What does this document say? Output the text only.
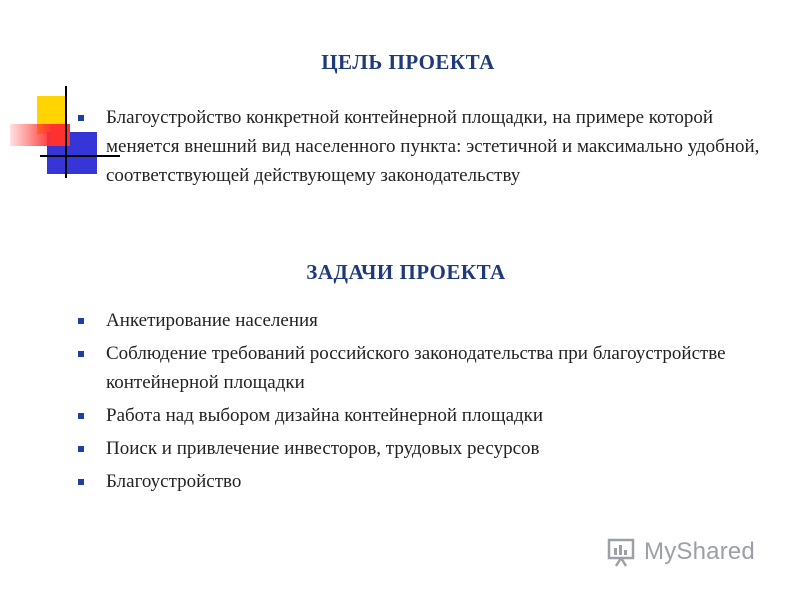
ЦЕЛЬ ПРОЕКТА
Благоустройство конкретной контейнерной площадки, на примере которой меняется внешний вид населенного пункта: эстетичной и максимально удобной, соответствующей действующему законодательству
ЗАДАЧИ ПРОЕКТА
Анкетирование населения
Соблюдение требований российского законодательства при благоустройстве контейнерной площадки
Работа над выбором дизайна контейнерной площадки
Поиск и привлечение инвесторов, трудовых ресурсов
Благоустройство
MyShared
